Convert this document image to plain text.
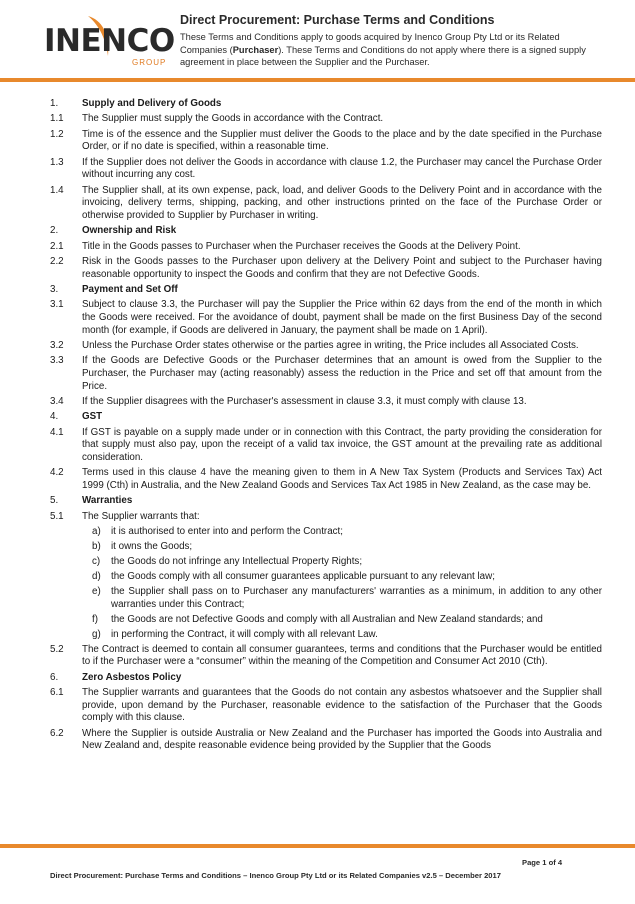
INENCO
GROUP
Direct Procurement: Purchase Terms and Conditions
These Terms and Conditions apply to goods acquired by Inenco Group Pty Ltd or its Related Companies (Purchaser). These Terms and Conditions do not apply where there is a signed supply agreement in place between the Supplier and the Purchaser.
1.	Supply and Delivery of Goods
1.1	The Supplier must supply the Goods in accordance with the Contract.
1.2	Time is of the essence and the Supplier must deliver the Goods to the place and by the date specified in the Purchase Order, or if no date is specified, within a reasonable time.
1.3	If the Supplier does not deliver the Goods in accordance with clause 1.2, the Purchaser may cancel the Purchase Order without incurring any cost.
1.4	The Supplier shall, at its own expense, pack, load, and deliver Goods to the Delivery Point and in accordance with the invoicing, delivery terms, shipping, packing, and other instructions printed on the face of the Purchase Order or otherwise provided to Supplier by Purchaser in writing.
2.	Ownership and Risk
2.1	Title in the Goods passes to Purchaser when the Purchaser receives the Goods at the Delivery Point.
2.2	Risk in the Goods passes to the Purchaser upon delivery at the Delivery Point and subject to the Purchaser having reasonable opportunity to inspect the Goods and confirm that they are not Defective Goods.
3.	Payment and Set Off
3.1	Subject to clause 3.3, the Purchaser will pay the Supplier the Price within 62 days from the end of the month in which the Goods were received. For the avoidance of doubt, payment shall be made on the first Business Day of the second month (for example, if Goods are delivered in January, the payment shall be made on 1 April).
3.2	Unless the Purchase Order states otherwise or the parties agree in writing, the Price includes all Associated Costs.
3.3	If the Goods are Defective Goods or the Purchaser determines that an amount is owed from the Supplier to the Purchaser, the Purchaser may (acting reasonably) assess the reduction in the Price and set off that amount from the Price.
3.4	If the Supplier disagrees with the Purchaser's assessment in clause 3.3, it must comply with clause 13.
4.	GST
4.1	If GST is payable on a supply made under or in connection with this Contract, the party providing the consideration for that supply must also pay, upon the receipt of a valid tax invoice, the GST amount at the prevailing rate as additional consideration.
4.2	Terms used in this clause 4 have the meaning given to them in A New Tax System (Products and Services Tax) Act 1999 (Cth) in Australia, and the New Zealand Goods and Services Tax Act 1985 in New Zealand, as the case may be.
5.	Warranties
5.1	The Supplier warrants that:
a)	it is authorised to enter into and perform the Contract;
b)	it owns the Goods;
c)	the Goods do not infringe any Intellectual Property Rights;
d)	the Goods comply with all consumer guarantees applicable pursuant to any relevant law;
e)	the Supplier shall pass on to Purchaser any manufacturers' warranties as a minimum, in addition to any other warranties under this Contract;
f)	the Goods are not Defective Goods and comply with all Australian and New Zealand standards; and
g)	in performing the Contract, it will comply with all relevant Law.
5.2	The Contract is deemed to contain all consumer guarantees, terms and conditions that the Purchaser would be entitled to if the Purchaser were a “consumer” within the meaning of the Competition and Consumer Act 2010 (Cth).
6.	Zero Asbestos Policy
6.1	The Supplier warrants and guarantees that the Goods do not contain any asbestos whatsoever and the Supplier shall provide, upon demand by the Purchaser, reasonable evidence to the satisfaction of the Purchaser that the Goods comply with this clause.
6.2	Where the Supplier is outside Australia or New Zealand and the Purchaser has imported the Goods into Australia and New Zealand and, despite reasonable evidence being provided by the Supplier that the Goods
Page 1 of 4
Direct Procurement: Purchase Terms and Conditions – Inenco Group Pty Ltd or its Related Companies v2.5 – December 2017
